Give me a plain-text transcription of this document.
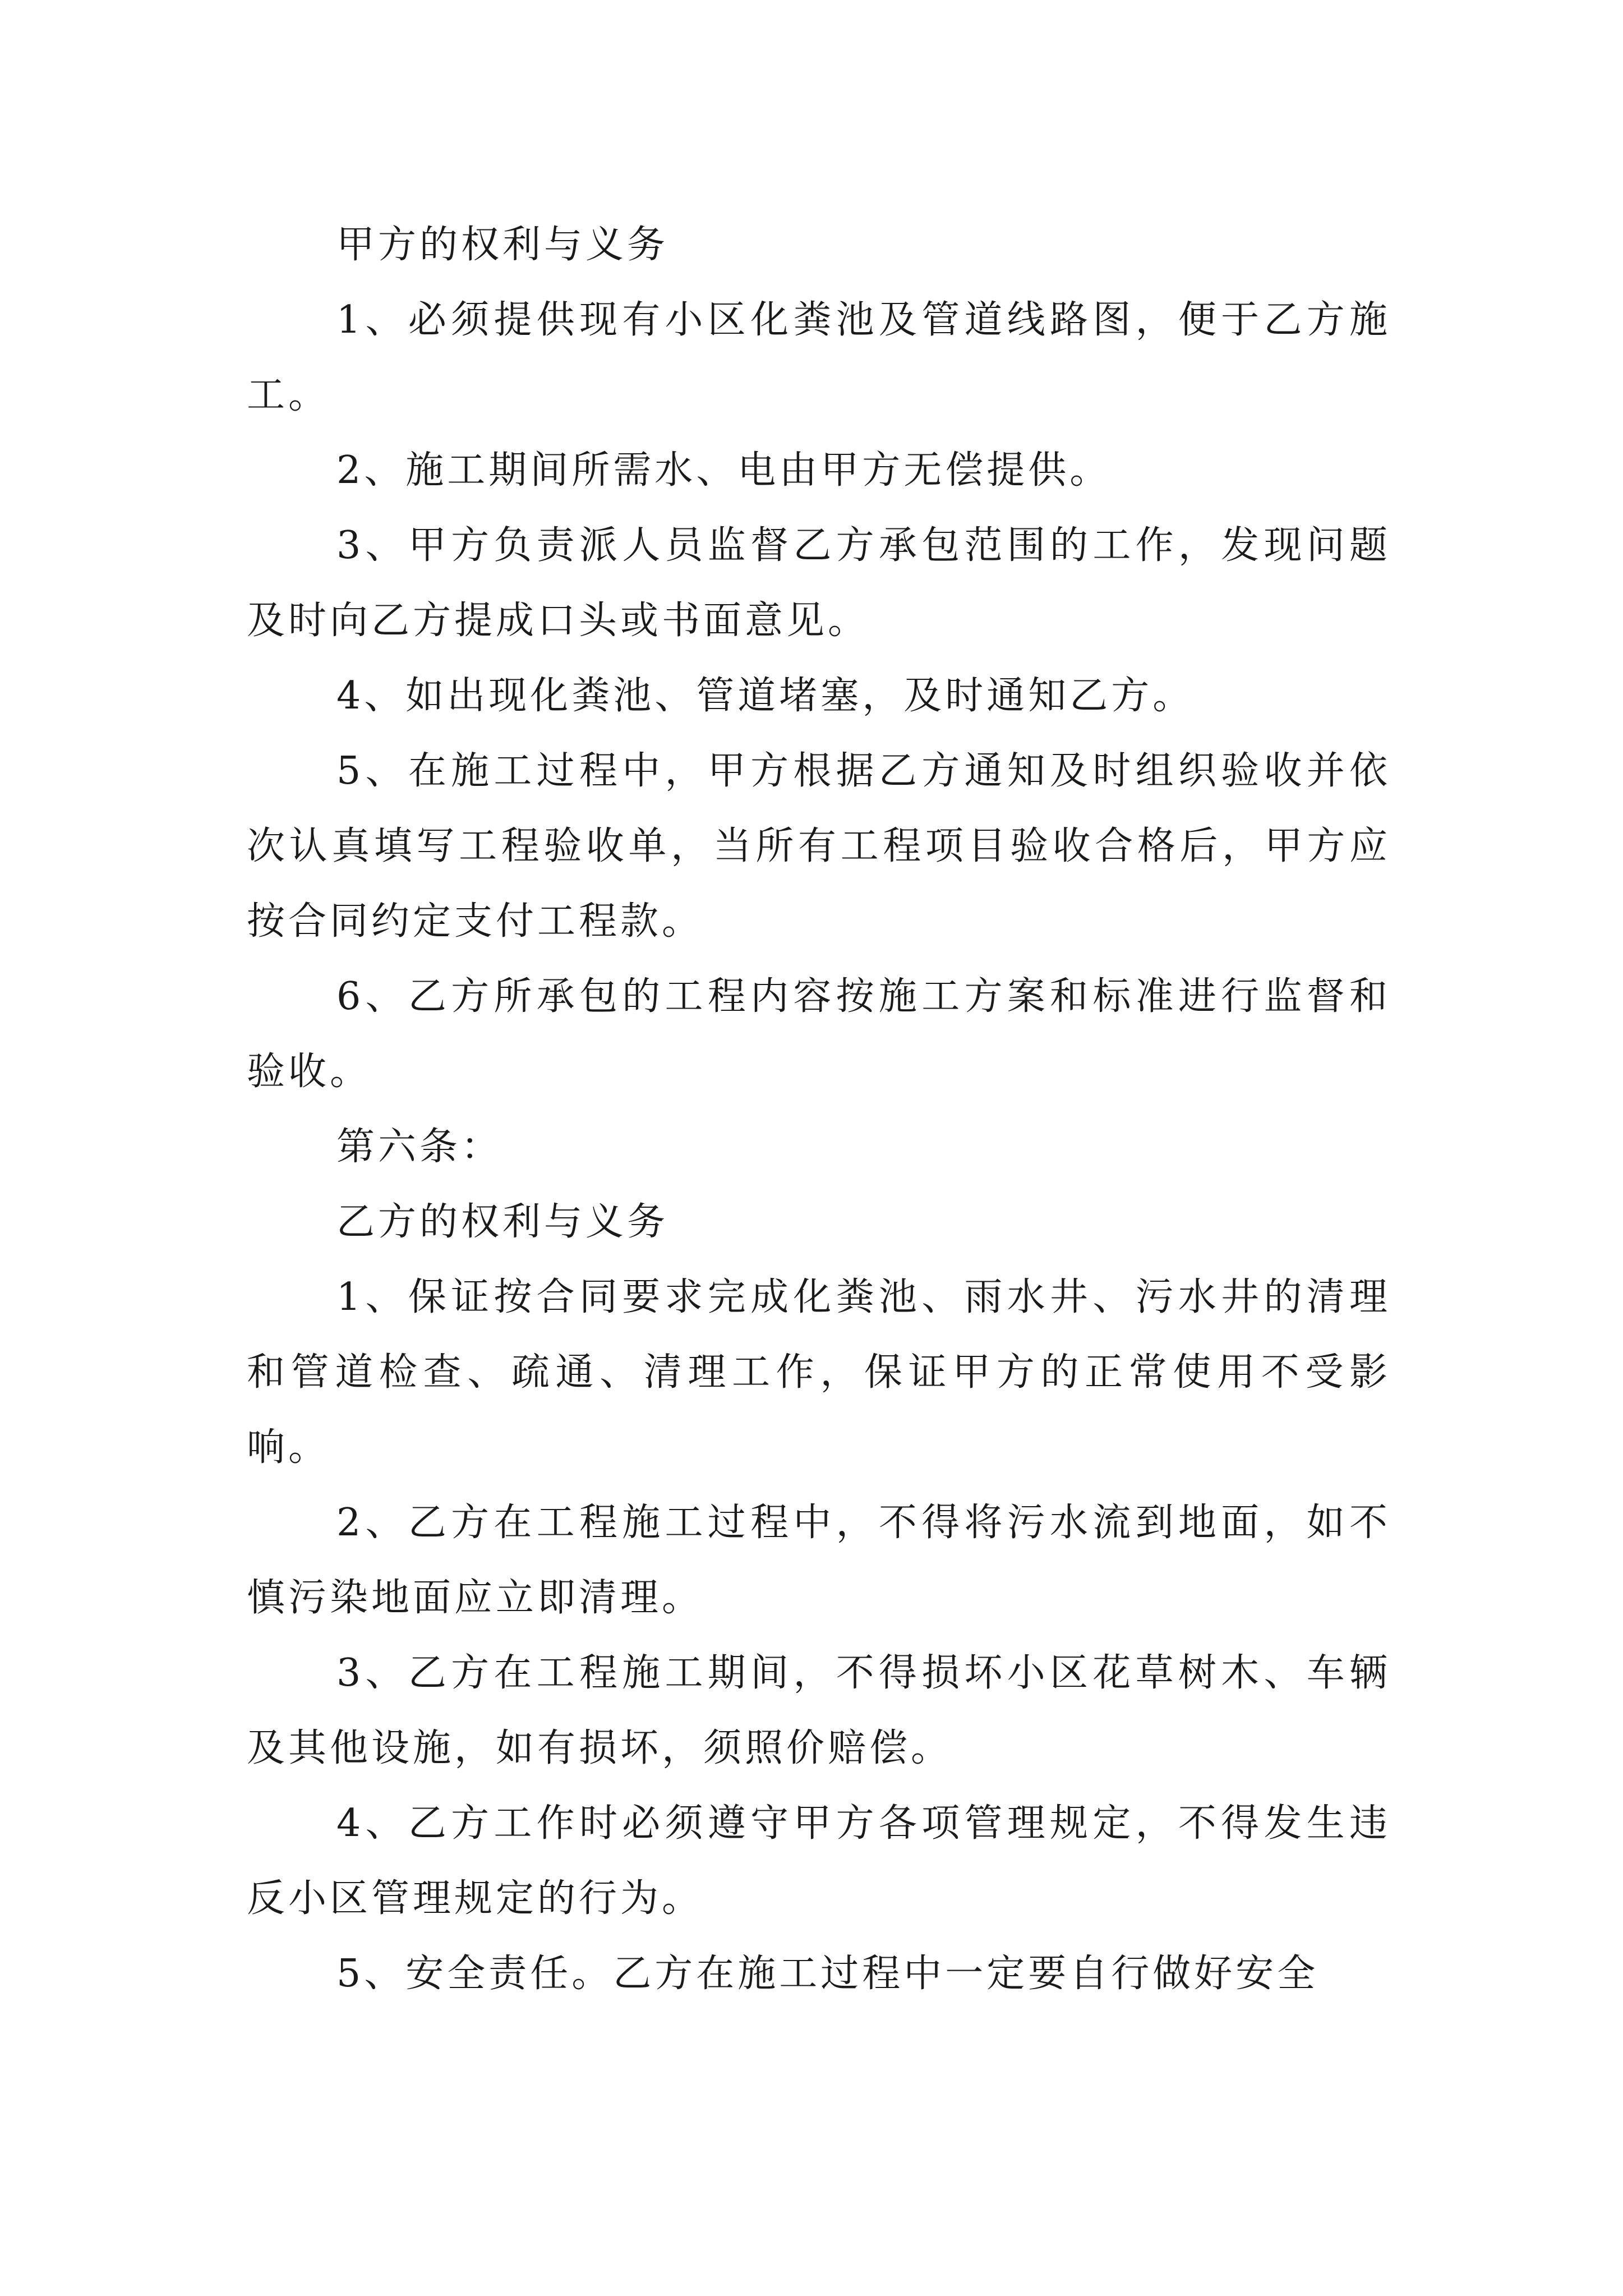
甲方的权利与义务

1、必须提供现有小区化粪池及管道线路图，便于乙方施工。

2、施工期间所需水、电由甲方无偿提供。

3、甲方负责派人员监督乙方承包范围的工作，发现问题及时向乙方提成口头或书面意见。

4、如出现化粪池、管道堵塞，及时通知乙方。

5、在施工过程中，甲方根据乙方通知及时组织验收并依次认真填写工程验收单，当所有工程项目验收合格后，甲方应按合同约定支付工程款。

6、乙方所承包的工程内容按施工方案和标准进行监督和验收。

第六条：

乙方的权利与义务

1、保证按合同要求完成化粪池、雨水井、污水井的清理和管道检查、疏通、清理工作，保证甲方的正常使用不受影响。

2、乙方在工程施工过程中，不得将污水流到地面，如不慎污染地面应立即清理。

3、乙方在工程施工期间，不得损坏小区花草树木、车辆及其他设施，如有损坏，须照价赔偿。

4、乙方工作时必须遵守甲方各项管理规定，不得发生违反小区管理规定的行为。

5、安全责任。乙方在施工过程中一定要自行做好安全
